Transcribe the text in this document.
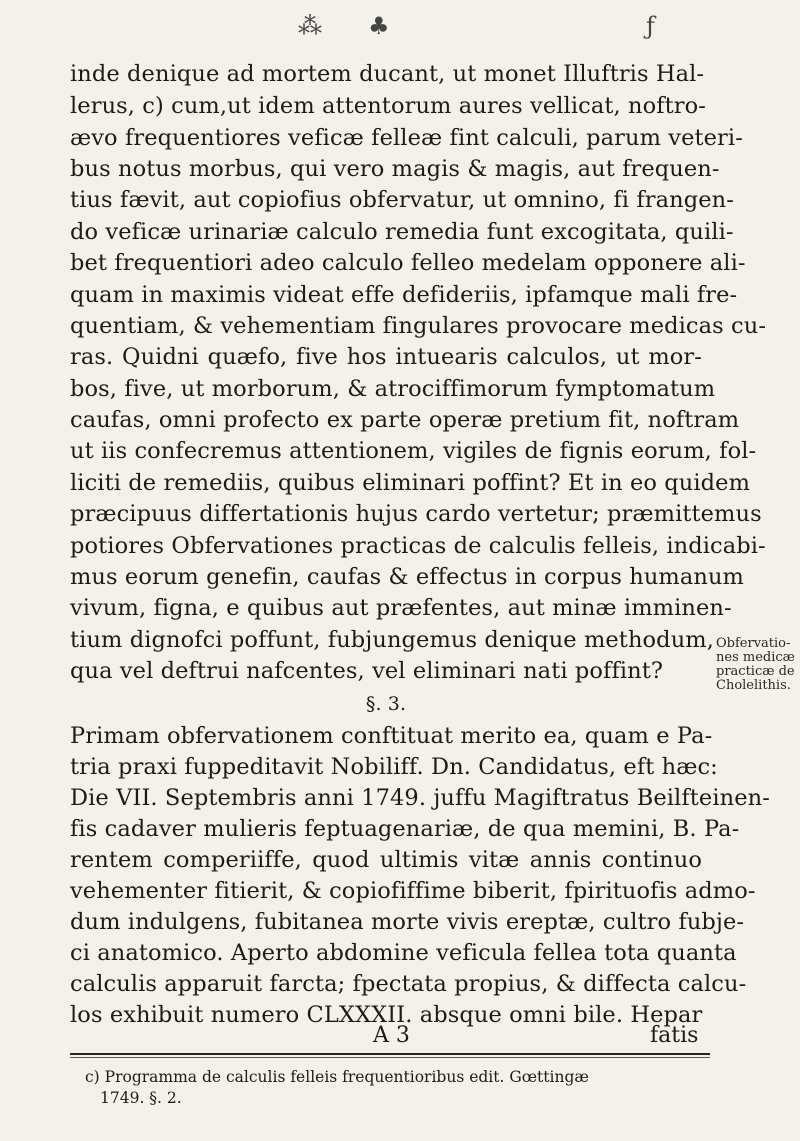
⁂ ♣	ƒ
inde denique ad mortem ducant, ut monet Illuftris Hal-
lerus, c) cum,ut idem attentorum aures vellicat, noftro-
ævo frequentiores veficæ felleæ fint calculi, parum veteri-
bus notus morbus, qui vero magis & magis, aut frequen-
tius fævit, aut copiofius obfervatur, ut omnino, fi frangen-
do veficæ urinariæ calculo remedia funt excogitata, quili-
bet frequentiori adeo calculo felleo medelam opponere ali-
quam in maximis videat effe defideriis, ipfamque mali fre-
quentiam, & vehementiam fingulares provocare medicas cu-
ras. Quidni quæfo, five hos intuearis calculos, ut mor-
bos, five, ut morborum, & atrociffimorum fymptomatum
caufas, omni profecto ex parte operæ pretium fit, noftram
ut iis confecremus attentionem, vigiles de fignis eorum, fol-
liciti de remediis, quibus eliminari poffint? Et in eo quidem
præcipuus differtationis hujus cardo vertetur; præmittemus
potiores Obfervationes practicas de calculis felleis, indicabi-
mus eorum genefin, caufas & effectus in corpus humanum
vivum, figna, e quibus aut præfentes, aut minæ imminen-
tium dignofci poffunt, fubjungemus denique methodum,
qua vel deftrui nafcentes, vel eliminari nati poffint?
§. 3.
Primam obfervationem conftituat merito ea, quam e Pa-
tria praxi fuppeditavit Nobiliff. Dn. Candidatus, eft hæc:
Die VII. Septembris anni 1749. juffu Magiftratus Beilfteinen-
fis cadaver mulieris feptuagenariæ, de qua memini, B. Pa-
rentem comperiiffe, quod ultimis vitæ annis continuo
vehementer fitierit, & copiofiffime biberit, fpirituofis admo-
dum indulgens, fubitanea morte vivis ereptæ, cultro fubje-
ci anatomico. Aperto abdomine veficula fellea tota quanta
calculis apparuit farcta; fpectata propius, & diffecta calcu-
los exhibuit numero CLXXXII. absque omni bile. Hepar
Obfervatio-
nes medicæ
practicæ de
Cholelithis.
A 3	fatis
c) Programma de calculis felleis frequentioribus edit. Gœttingæ
1749. §. 2.
